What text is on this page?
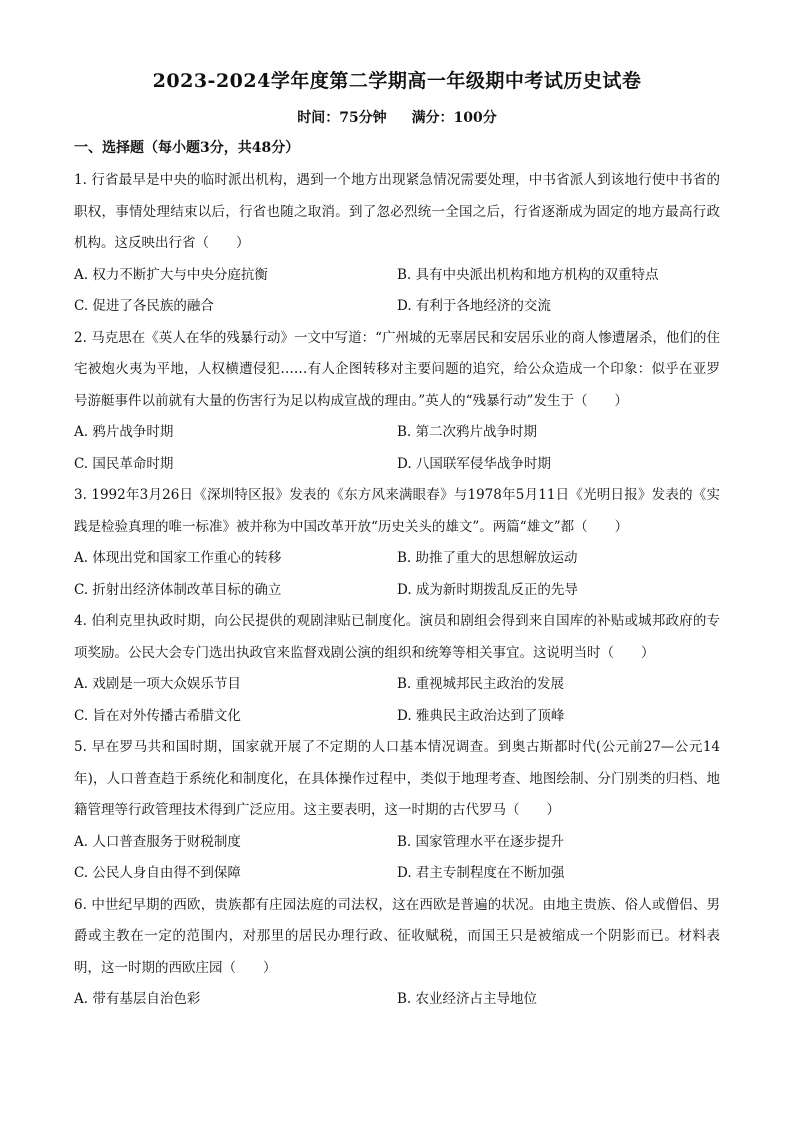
2023-2024学年度第二学期高一年级期中考试历史试卷
时间：75分钟 满分：100分
一、选择题（每小题3分，共48分）

1. 行省最早是中央的临时派出机构，遇到一个地方出现紧急情况需要处理，中书省派人到该地行使中书省的职权，事情处理结束以后，行省也随之取消。到了忽必烈统一全国之后，行省逐渐成为固定的地方最高行政机构。这反映出行省（　　）

A. 权力不断扩大与中央分庭抗衡	B. 具有中央派出机构和地方机构的双重特点
C. 促进了各民族的融合	D. 有利于各地经济的交流

2. 马克思在《英人在华的残暴行动》一文中写道：“广州城的无辜居民和安居乐业的商人惨遭屠杀，他们的住宅被炮火夷为平地，人权横遭侵犯……有人企图转移对主要问题的追究，给公众造成一个印象：似乎在亚罗号游艇事件以前就有大量的伤害行为足以构成宣战的理由。”英人的“残暴行动”发生于（　　）

A. 鸦片战争时期	B. 第二次鸦片战争时期
C. 国民革命时期	D. 八国联军侵华战争时期

3. 1992年3月26日《深圳特区报》发表的《东方风来满眼春》与1978年5月11日《光明日报》发表的《实践是检验真理的唯一标准》被并称为中国改革开放“历史关头的雄文”。两篇“雄文”都（　　）

A. 体现出党和国家工作重心的转移	B. 助推了重大的思想解放运动
C. 折射出经济体制改革目标的确立	D. 成为新时期拨乱反正的先导

4. 伯利克里执政时期，向公民提供的观剧津贴已制度化。演员和剧组会得到来自国库的补贴或城邦政府的专项奖励。公民大会专门选出执政官来监督戏剧公演的组织和统筹等相关事宜。这说明当时（　　）

A. 戏剧是一项大众娱乐节目	B. 重视城邦民主政治的发展
C. 旨在对外传播古希腊文化	D. 雅典民主政治达到了顶峰

5. 早在罗马共和国时期，国家就开展了不定期的人口基本情况调查。到奥古斯都时代(公元前27—公元14年)，人口普查趋于系统化和制度化，在具体操作过程中，类似于地理考查、地图绘制、分门别类的归档、地籍管理等行政管理技术得到广泛应用。这主要表明，这一时期的古代罗马（　　）

A. 人口普查服务于财税制度	B. 国家管理水平在逐步提升
C. 公民人身自由得不到保障	D. 君主专制程度在不断加强

6. 中世纪早期的西欧，贵族都有庄园法庭的司法权，这在西欧是普遍的状况。由地主贵族、俗人或僧侣、男爵或主教在一定的范围内，对那里的居民办理行政、征收赋税，而国王只是被缩成一个阴影而已。材料表明，这一时期的西欧庄园（　　）

A. 带有基层自治色彩	B. 农业经济占主导地位
